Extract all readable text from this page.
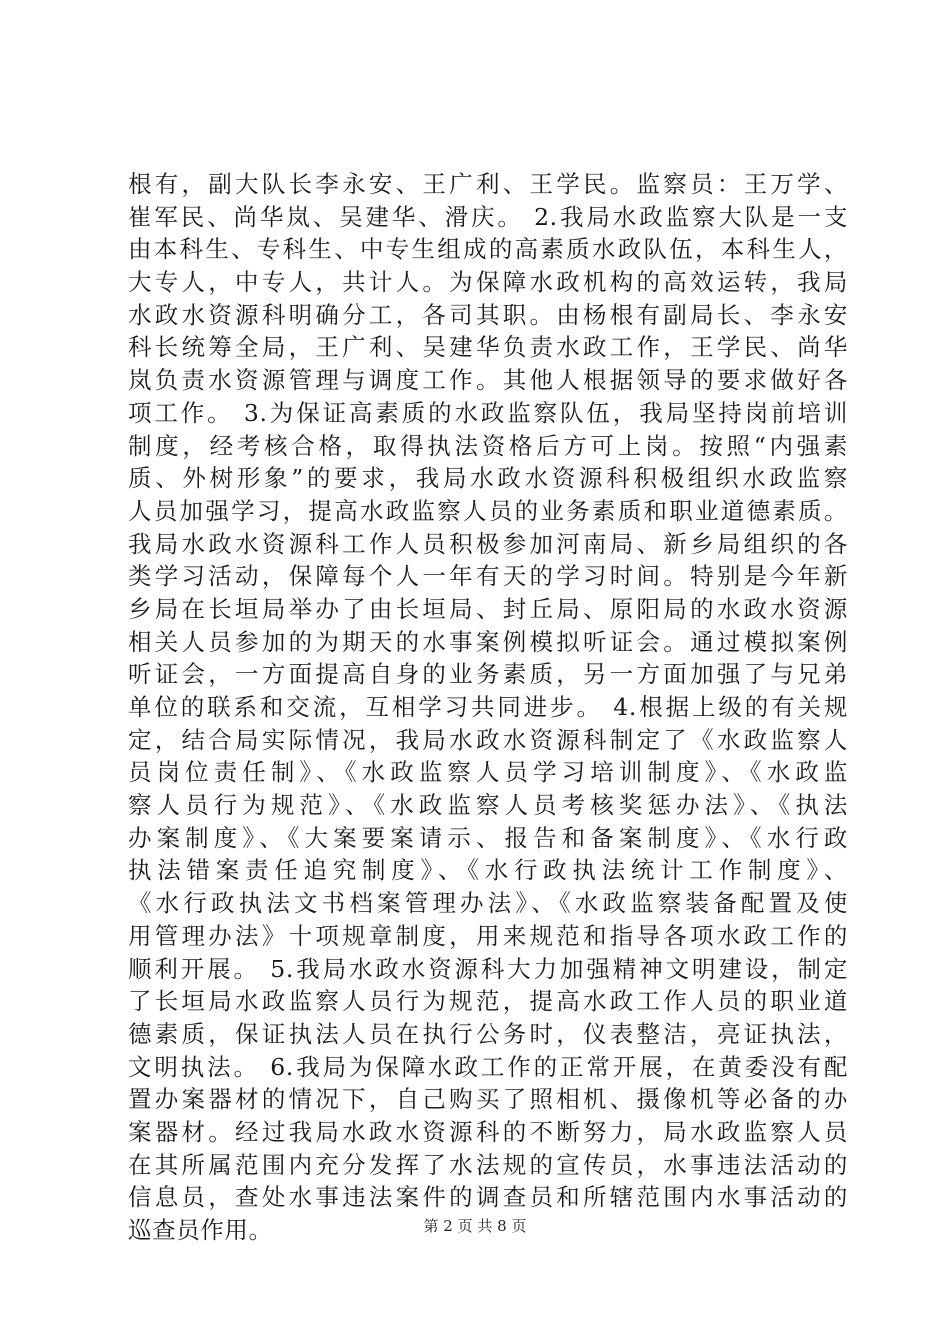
根有，副大队长李永安、王广利、王学民。监察员：王万学、
崔军民、尚华岚、吴建华、滑庆。 2.我局水政监察大队是一支
由本科生、专科生、中专生组成的高素质水政队伍，本科生人，
大专人，中专人，共计人。为保障水政机构的高效运转，我局
水政水资源科明确分工，各司其职。由杨根有副局长、李永安
科长统筹全局，王广利、吴建华负责水政工作，王学民、尚华
岚负责水资源管理与调度工作。其他人根据领导的要求做好各
项工作。 3.为保证高素质的水政监察队伍，我局坚持岗前培训
制度，经考核合格，取得执法资格后方可上岗。按照“内强素
质、外树形象”的要求，我局水政水资源科积极组织水政监察
人员加强学习，提高水政监察人员的业务素质和职业道德素质。
我局水政水资源科工作人员积极参加河南局、新乡局组织的各
类学习活动，保障每个人一年有天的学习时间。特别是今年新
乡局在长垣局举办了由长垣局、封丘局、原阳局的水政水资源
相关人员参加的为期天的水事案例模拟听证会。通过模拟案例
听证会，一方面提高自身的业务素质，另一方面加强了与兄弟
单位的联系和交流，互相学习共同进步。 4.根据上级的有关规
定，结合局实际情况，我局水政水资源科制定了《水政监察人
员岗位责任制》、《水政监察人员学习培训制度》、《水政监
察人员行为规范》、《水政监察人员考核奖惩办法》、《执法
办案制度》、《大案要案请示、报告和备案制度》、《水行政
执法错案责任追究制度》、《水行政执法统计工作制度》、
《水行政执法文书档案管理办法》、《水政监察装备配置及使
用管理办法》十项规章制度，用来规范和指导各项水政工作的
顺利开展。 5.我局水政水资源科大力加强精神文明建设，制定
了长垣局水政监察人员行为规范，提高水政工作人员的职业道
德素质，保证执法人员在执行公务时，仪表整洁，亮证执法，
文明执法。 6.我局为保障水政工作的正常开展，在黄委没有配
置办案器材的情况下，自己购买了照相机、摄像机等必备的办
案器材。经过我局水政水资源科的不断努力，局水政监察人员
在其所属范围内充分发挥了水法规的宣传员，水事违法活动的
信息员，查处水事违法案件的调查员和所辖范围内水事活动的
巡查员作用。	第 2 页 共 8 页
